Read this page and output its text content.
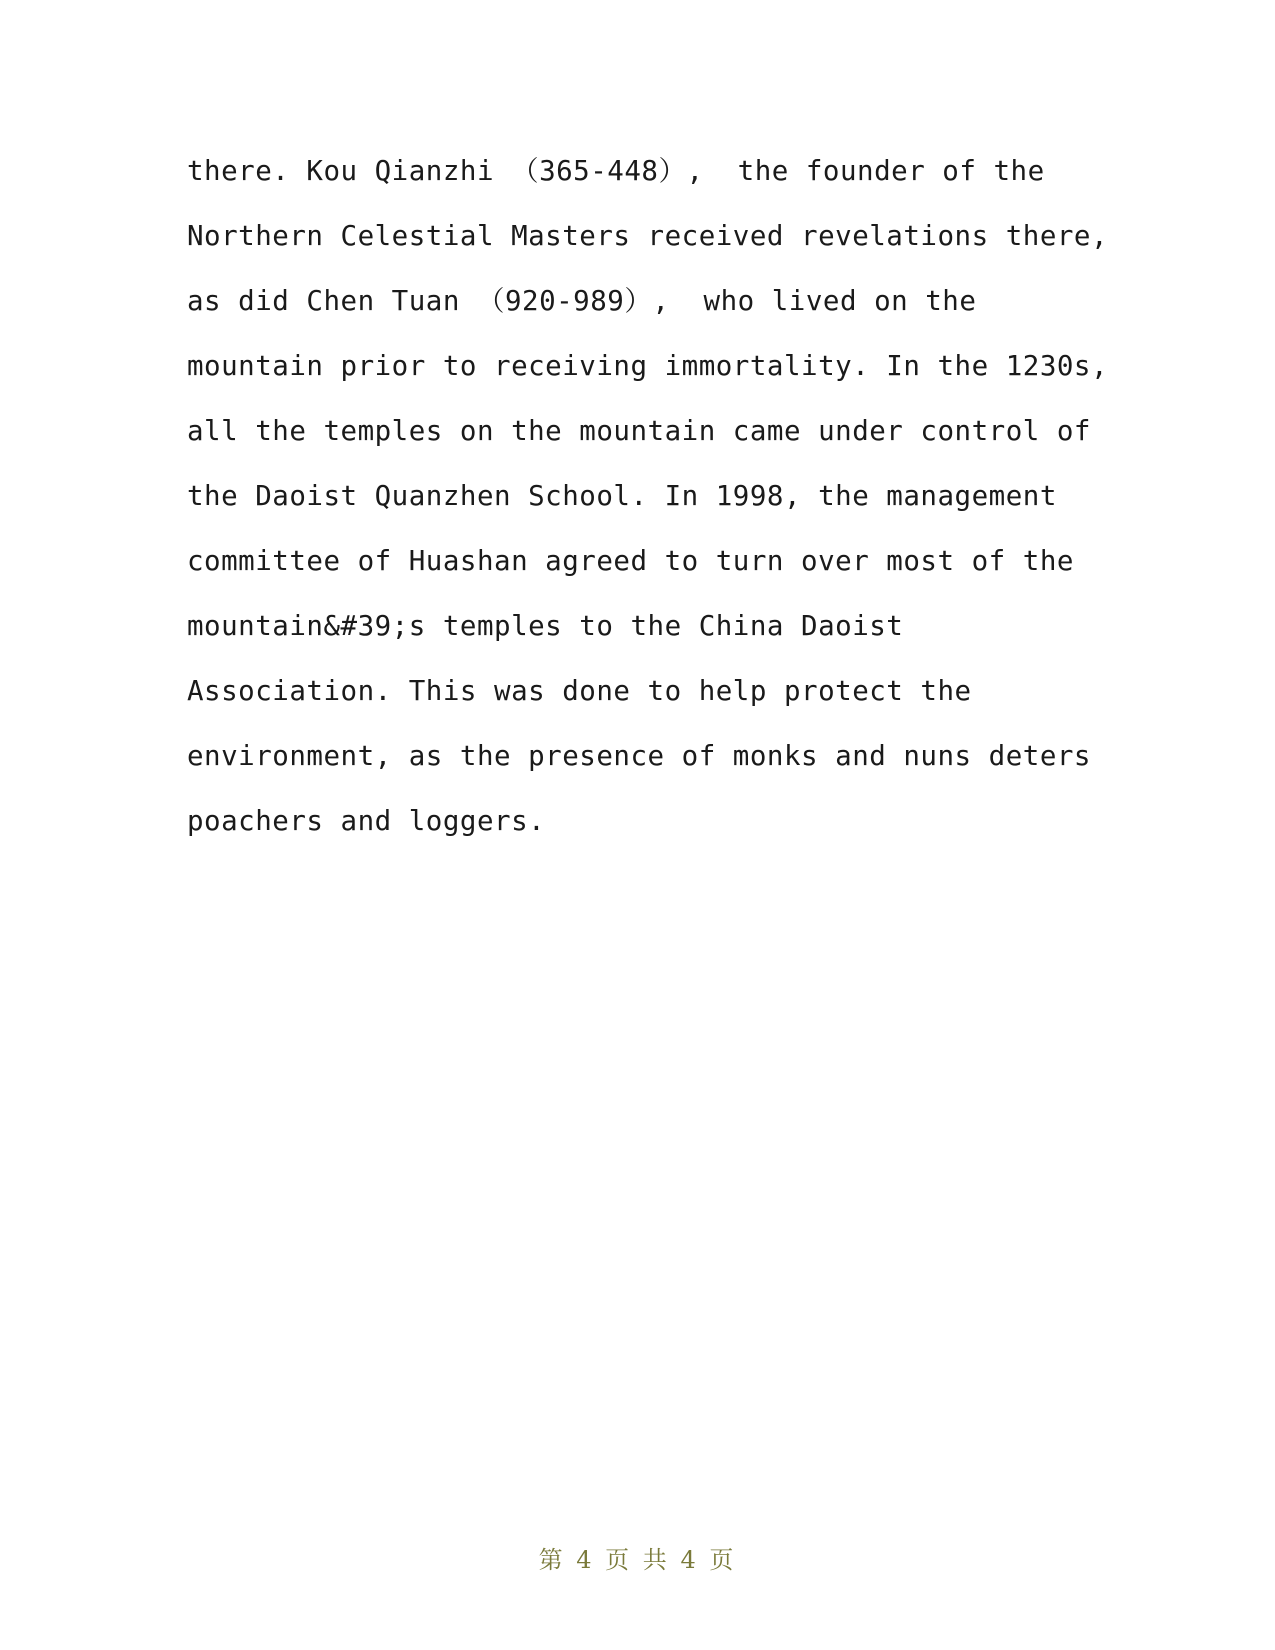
there. Kou Qianzhi （365-448）,  the founder of the
Northern Celestial Masters received revelations there,
as did Chen Tuan （920-989）,  who lived on the
mountain prior to receiving immortality. In the 1230s,
all the temples on the mountain came under control of
the Daoist Quanzhen School. In 1998, the management
committee of Huashan agreed to turn over most of the
mountain&#39;s temples to the China Daoist
Association. This was done to help protect the
environment, as the presence of monks and nuns deters
poachers and loggers.
第 4 页 共 4 页
